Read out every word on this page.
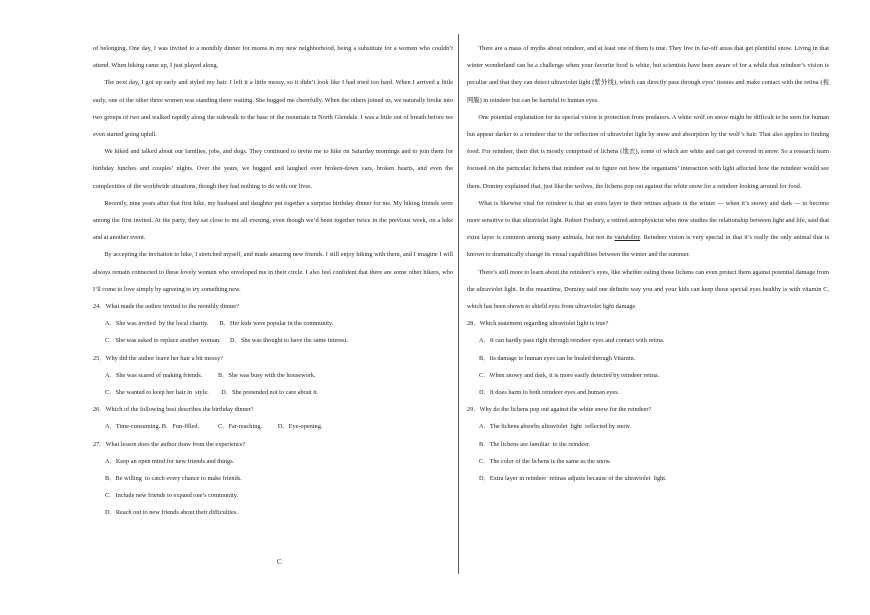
of belonging. One day, I was invited to a monthly dinner for moms in my new neighborhood, being a substitute for a women who couldn’t attend. When hiking came up, I just played along.

The next day, I got up early and styled my hair. I left it a little messy, so it didn’t look like I had tried too hard. When I arrived a little early, one of the other three women was standing there waiting. She hugged me cheerfully. When the others joined us, we naturally broke into two groups of two and walked rapidly along the sidewalk to the base of the mountain in North Glendale. I was a little out of breath before we even started going uphill.

We hiked and talked about our families, jobs, and dogs. They continued to invite me to hike on Saturday mornings and to join them for birthday lunches and couples’ nights. Over the years, we hugged and laughed over broken-down cars, broken hearts, and even the complexities of the worldwide situations, though they had nothing to do with our lives.

Recently, nine years after that first hike, my husband and daughter put together a surprise birthday dinner for me. My hiking friends were among the first invited. At the party, they sat close to me all evening, even though we’d been together twice in the previous week, on a hike and at another event.

By accepting the invitation to hike, I stretched myself, and made amazing new friends. I still enjoy hiking with them, and I imagine I will always remain connected to these lovely women who enveloped me in their circle. I also feel confident that there are some other hikers, who I’ll come to love simply by agreeing to try something new.

24．What made the author invited to the monthly dinner?

A．She was invited  by the local charity. B．Her kids were popular in the community.
C．She was asked to replace another woman. D．She was thought to have the same interest.

25．Why did the author leave her hair a bit messy?

A．She was scared of making friends.	B．She was busy with the housework.
C．She wanted to keep her hair in  style. D．She pretended not to care about it.

26．Which of the following best describes the birthday dinner?

A．Time-consuming. B．Fun-filled.	C．Far-reaching.	D．Eye-opening.

27．What lesson does the author draw from the experience?

A．Keep an open mind for new friends and things.
B．Be willing  to catch every chance to make friends.
C．Include new friends to expand one’s community.
D．Reach out to new friends about their difficulties.

There are a mass of myths about reindeer, and at least one of them is true. They live in far-off areas that get plentiful snow. Living in that winter wonderland can be a challenge when your favorite food is white, but scientists have been aware of for a while that reindeer’s vision is peculiar and that they can detect ultraviolet light (紫外线), which can directly pass through eyes’ tissues and make contact with the retina (视网膜) in reindeer but can be harmful to human eyes.

One potential explanation for its special vision is protection from predators. A white wolf on snow might be difficult to be seen for human but appear darker to a reindeer due to the reflection of ultraviolet light by snow and absorption by the wolf’s hair. That also applies to finding food. For reindeer, their diet is mostly comprised of lichens (地衣), some of which are white and can get covered in snow. So a research team focused on the particular lichens that reindeer eat to figure out how the organisms’ interaction with light affected how the reindeer would see them. Dominy explained that, just like the wolves, the lichens pop out against the white snow for a reindeer looking around for food.

What is likewise vital for reindeer is that an extra layer in their retinas adjusts in the winter — when it’s snowy and dark — to become more sensitive to that ultraviolet light. Robert Fosbury, a retired astrophysicist who now studies the relationship between light and life, said that extra layer is common among many animals, but not its variability. Reindeer vision is very special in that it’s really the only animal that is known to dramatically change its visual capabilities between the winter and the summer.

There’s still more to learn about the reindeer’s eyes, like whether eating those lichens can even protect them against potential damage from the ultraviolet light. In the meantime, Dominy said one definite way you and your kids can keep those special eyes healthy is with vitamin C, which has been shown to shield eyes from ultraviolet light damage.

28．Which statement regarding ultraviolet light is true?

A．It can hardly pass right through reindeer eyes and contact with retina.
B．Its damage to human eyes can be healed through Vitamin.
C．When snowy and dark, it is more easily detected by reindeer retina.
D．It does harm to both reindeer eyes and human eyes.

29．Why do the lichens pop out against the white snow for the reindeer?

A．The lichens absorbs ultraviolet  light  reflected by snow.
B．The lichens are familiar  to the reindeer.
C．The color of the lichens is the same as the snow.
D．Extra layer in reindeer  retinas adjusts because of the ultraviolet  light.
C
